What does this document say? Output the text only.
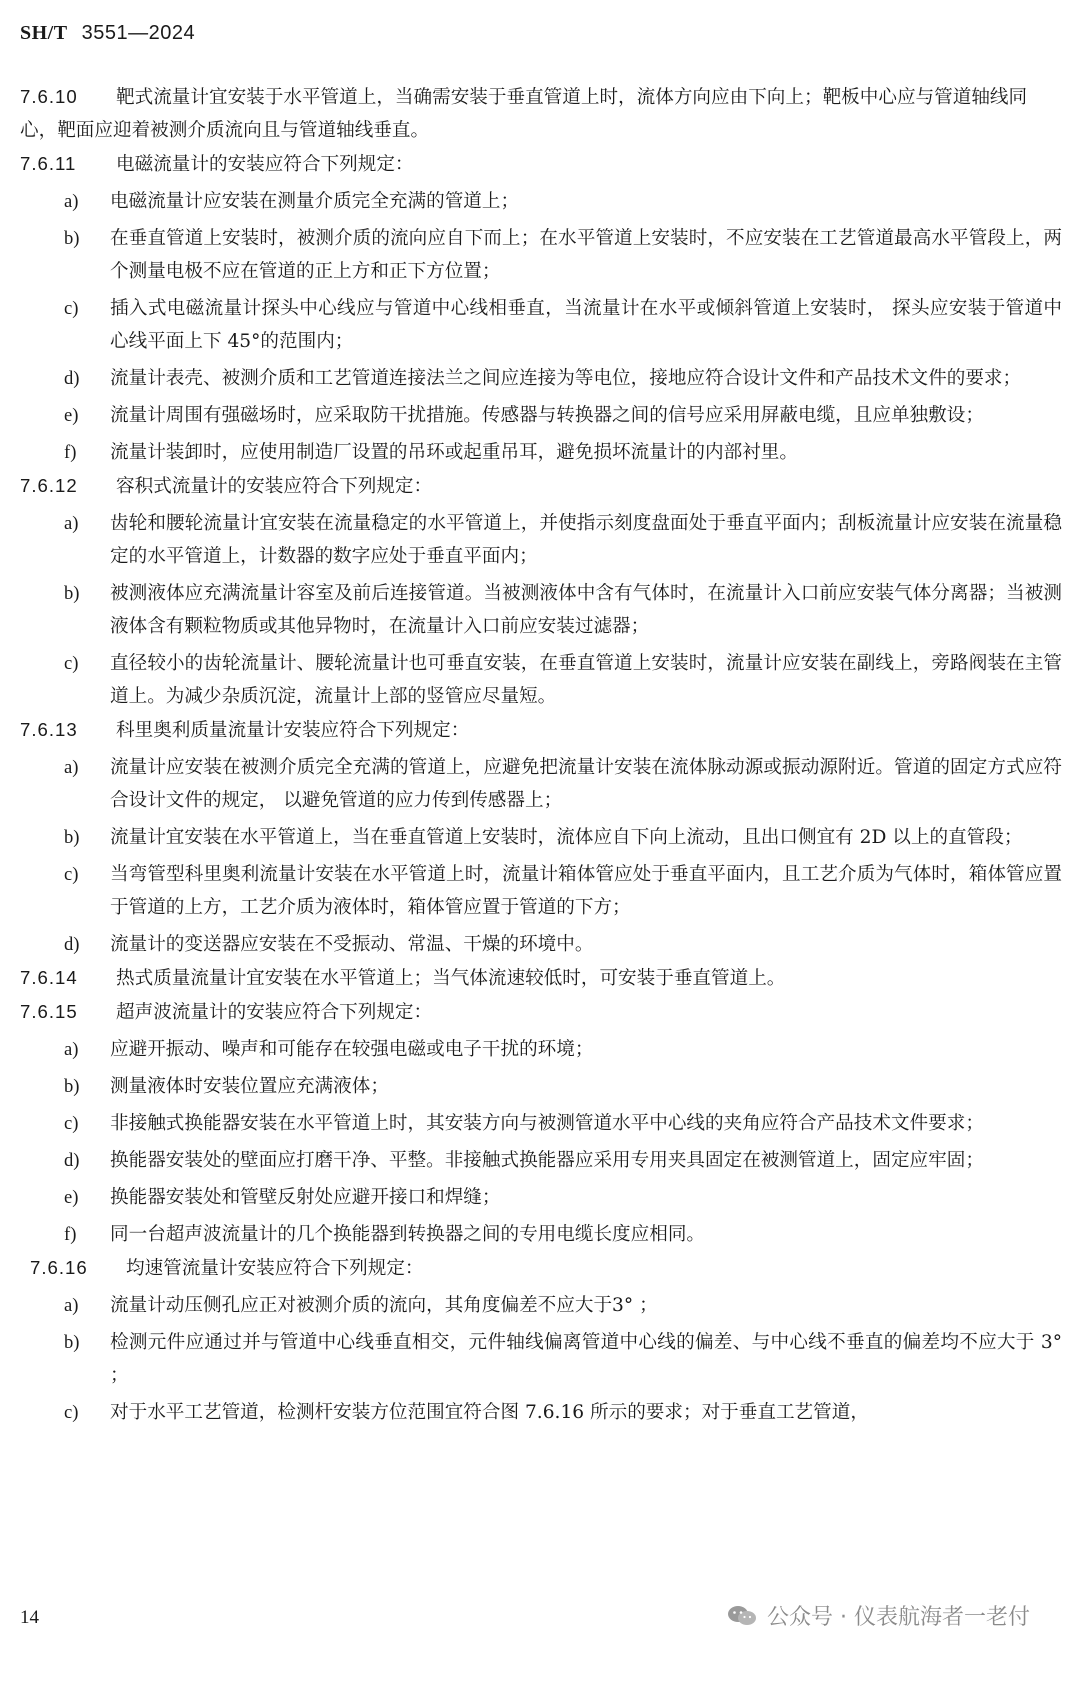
SH/T 3551—2024
7.6.10 靶式流量计宜安装于水平管道上，当确需安装于垂直管道上时，流体方向应由下向上；靶板中心应与管道轴线同心，靶面应迎着被测介质流向且与管道轴线垂直。
7.6.11 电磁流量计的安装应符合下列规定：
a)	电磁流量计应安装在测量介质完全充满的管道上；
b)	在垂直管道上安装时，被测介质的流向应自下而上；在水平管道上安装时，不应安装在工艺管道最高水平管段上，两个测量电极不应在管道的正上方和正下方位置；
c)	插入式电磁流量计探头中心线应与管道中心线相垂直，当流量计在水平或倾斜管道上安装时， 探头应安装于管道中心线平面上下 45°的范围内；
d)	流量计表壳、被测介质和工艺管道连接法兰之间应连接为等电位，接地应符合设计文件和产品技术文件的要求；
e)	流量计周围有强磁场时，应采取防干扰措施。传感器与转换器之间的信号应采用屏蔽电缆，且应单独敷设；
f)	流量计装卸时，应使用制造厂设置的吊环或起重吊耳，避免损坏流量计的内部衬里。
7.6.12 容积式流量计的安装应符合下列规定：
a)	齿轮和腰轮流量计宜安装在流量稳定的水平管道上，并使指示刻度盘面处于垂直平面内；刮板流量计应安装在流量稳定的水平管道上，计数器的数字应处于垂直平面内；
b)	被测液体应充满流量计容室及前后连接管道。当被测液体中含有气体时，在流量计入口前应安装气体分离器；当被测液体含有颗粒物质或其他异物时，在流量计入口前应安装过滤器；
c)	直径较小的齿轮流量计、腰轮流量计也可垂直安装，在垂直管道上安装时，流量计应安装在副线上，旁路阀装在主管道上。为减少杂质沉淀，流量计上部的竖管应尽量短。
7.6.13 科里奥利质量流量计安装应符合下列规定：
a)	流量计应安装在被测介质完全充满的管道上，应避免把流量计安装在流体脉动源或振动源附近。管道的固定方式应符合设计文件的规定， 以避免管道的应力传到传感器上；
b)	流量计宜安装在水平管道上，当在垂直管道上安装时，流体应自下向上流动，且出口侧宜有 2D 以上的直管段；
c)	当弯管型科里奥利流量计安装在水平管道上时，流量计箱体管应处于垂直平面内，且工艺介质为气体时，箱体管应置于管道的上方，工艺介质为液体时，箱体管应置于管道的下方；
d)	流量计的变送器应安装在不受振动、常温、干燥的环境中。
7.6.14 热式质量流量计宜安装在水平管道上；当气体流速较低时，可安装于垂直管道上。
7.6.15 超声波流量计的安装应符合下列规定：
a)	应避开振动、噪声和可能存在较强电磁或电子干扰的环境；
b)	测量液体时安装位置应充满液体；
c)	非接触式换能器安装在水平管道上时，其安装方向与被测管道水平中心线的夹角应符合产品技术文件要求；
d)	换能器安装处的壁面应打磨干净、平整。非接触式换能器应采用专用夹具固定在被测管道上，固定应牢固；
e)	换能器安装处和管壁反射处应避开接口和焊缝；
f)	同一台超声波流量计的几个换能器到转换器之间的专用电缆长度应相同。
7.6.16 均速管流量计安装应符合下列规定：
a)	流量计动压侧孔应正对被测介质的流向，其角度偏差不应大于3° ；
b)	检测元件应通过并与管道中心线垂直相交，元件轴线偏离管道中心线的偏差、与中心线不垂直的偏差均不应大于 3° ；
c)	对于水平工艺管道，检测杆安装方位范围宜符合图 7.6.16 所示的要求；对于垂直工艺管道，
14	公众号 · 仪表航海者一老付
